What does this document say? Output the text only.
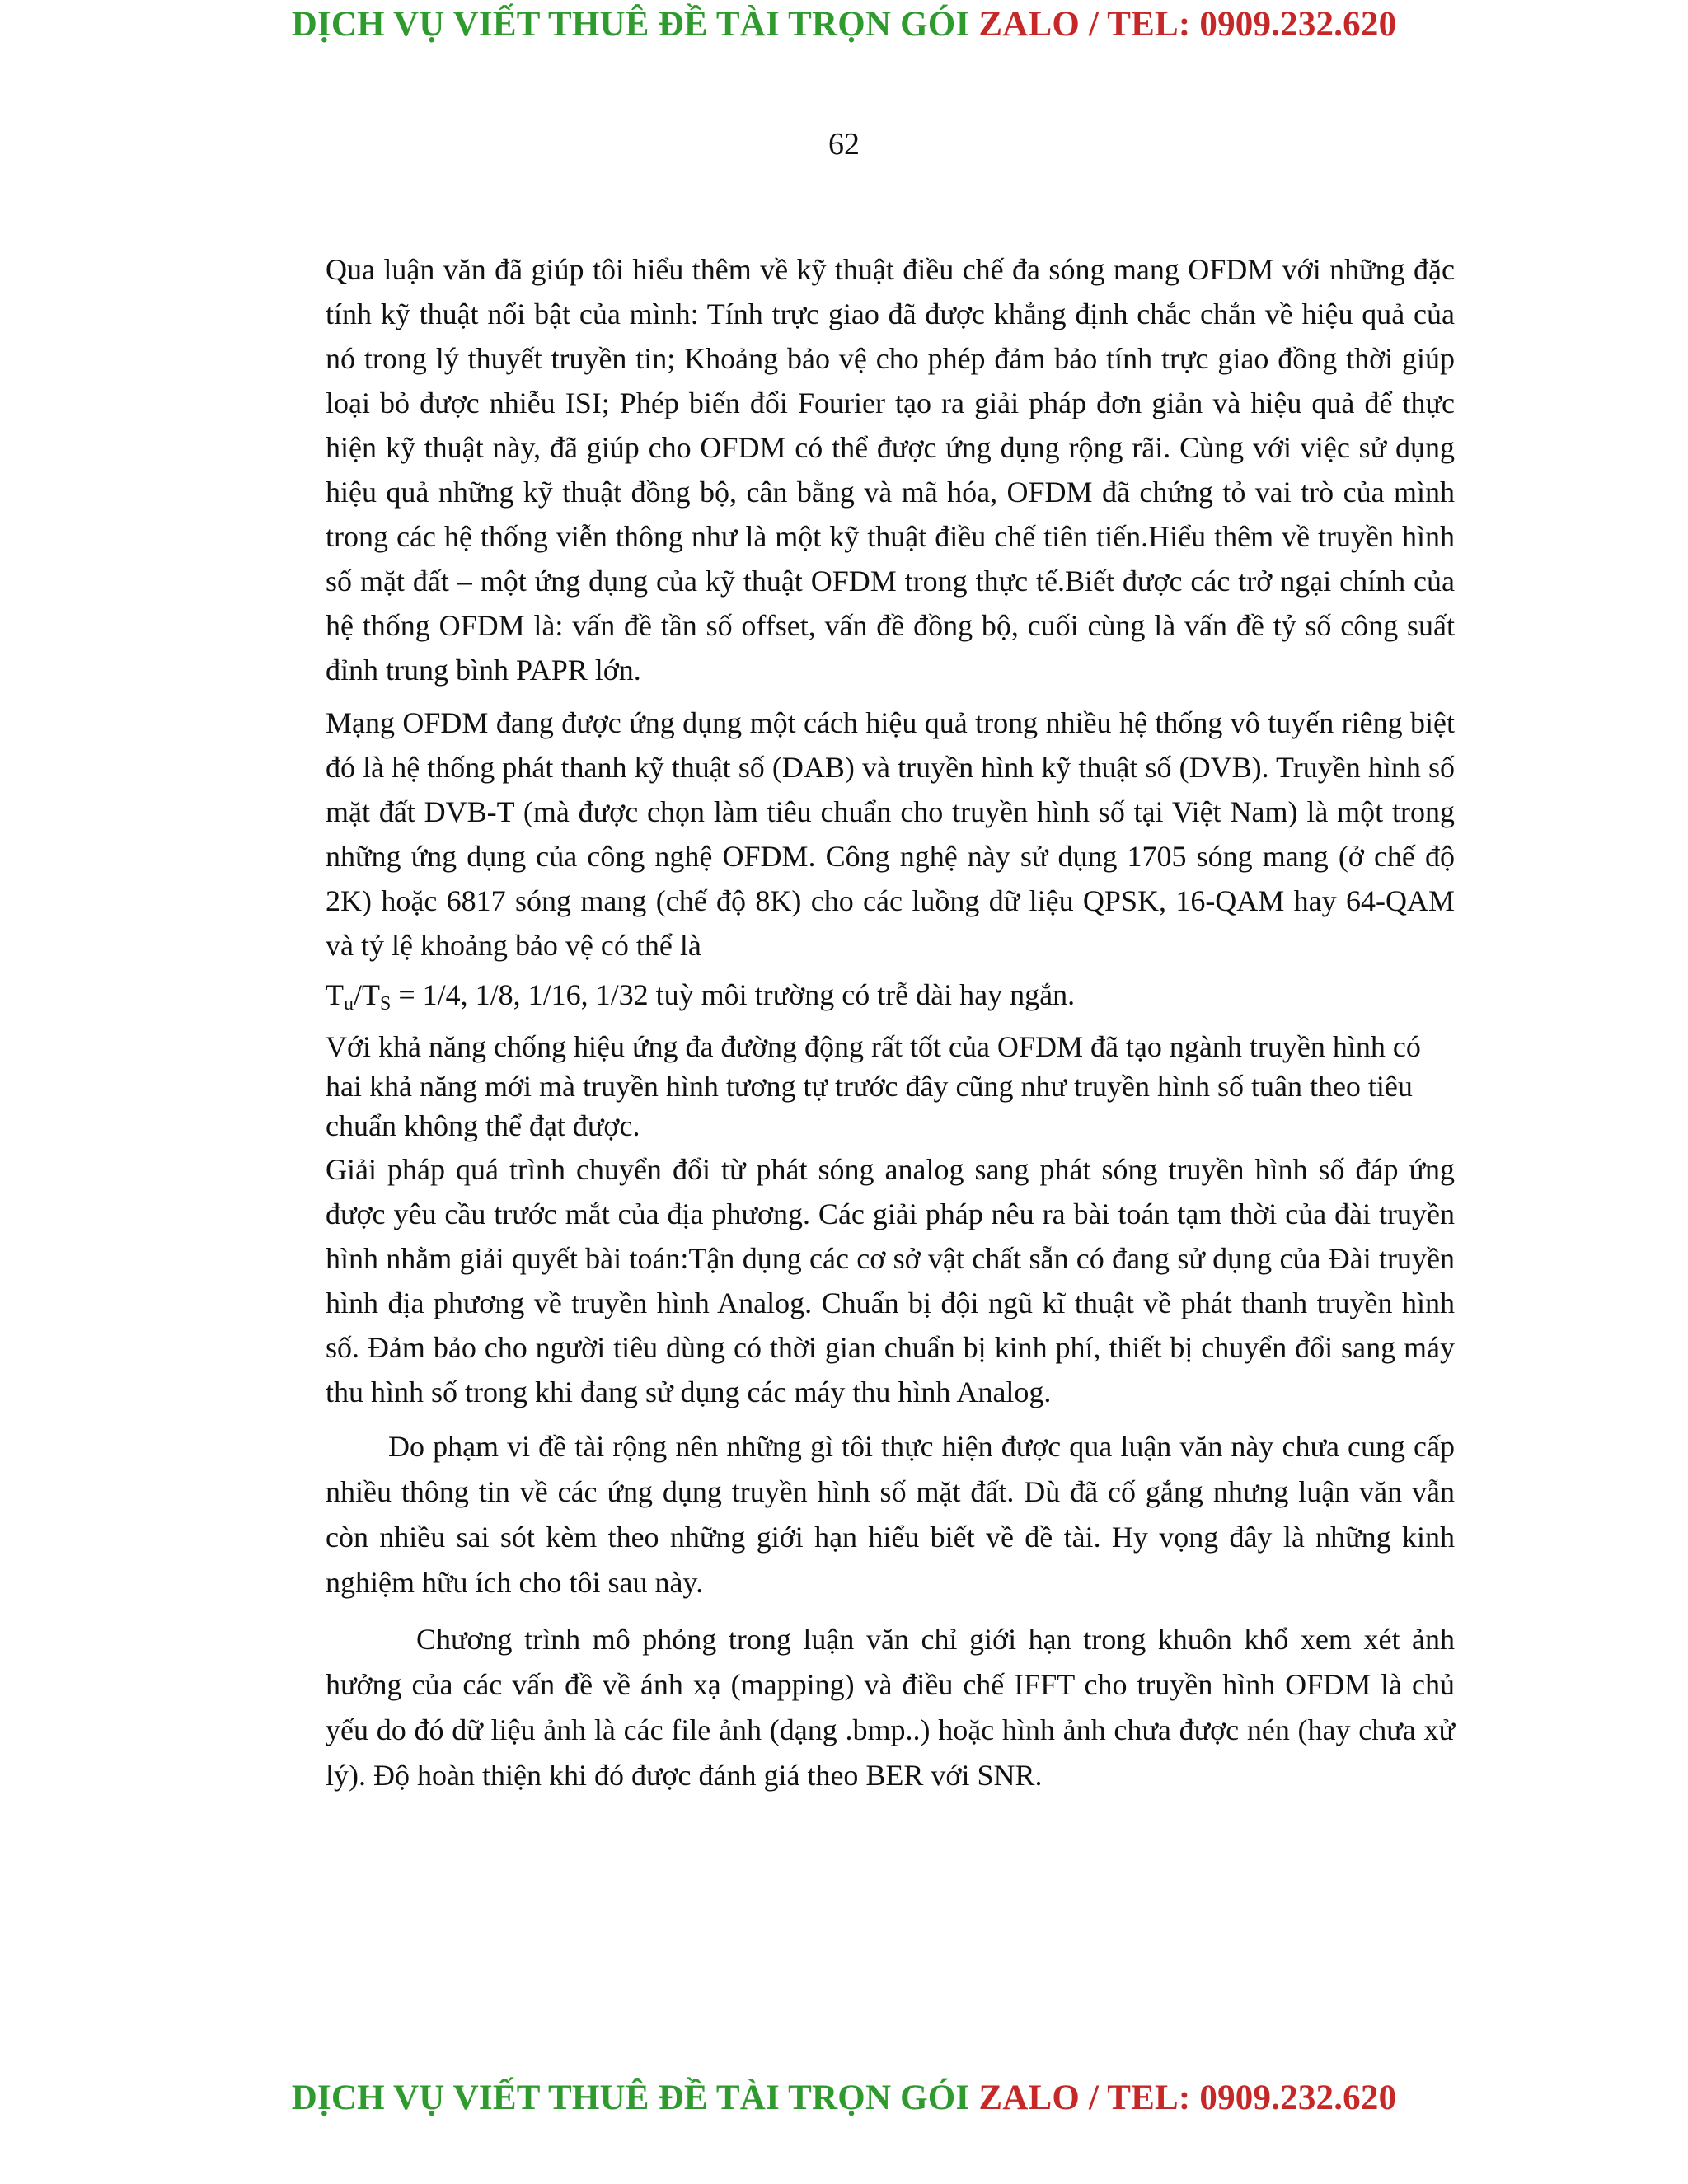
DỊCH VỤ VIẾT THUÊ ĐỀ TÀI TRỌN GÓI ZALO / TEL: 0909.232.620
62

Qua luận văn đã giúp tôi hiểu thêm về kỹ thuật điều chế đa sóng mang OFDM với những đặc tính kỹ thuật nổi bật của mình: Tính trực giao đã được khẳng định chắc chắn về hiệu quả của nó trong lý thuyết truyền tin; Khoảng bảo vệ cho phép đảm bảo tính trực giao đồng thời giúp loại bỏ được nhiễu ISI; Phép biến đổi Fourier tạo ra giải pháp đơn giản và hiệu quả để thực hiện kỹ thuật này, đã giúp cho OFDM có thể được ứng dụng rộng rãi. Cùng với việc sử dụng hiệu quả những kỹ thuật đồng bộ, cân bằng và mã hóa, OFDM đã chứng tỏ vai trò của mình trong các hệ thống viễn thông như là một kỹ thuật điều chế tiên tiến.Hiểu thêm về truyền hình số mặt đất – một ứng dụng của kỹ thuật OFDM trong thực tế.Biết được các trở ngại chính của hệ thống OFDM là: vấn đề tần số offset, vấn đề đồng bộ, cuối cùng là vấn đề tỷ số công suất đỉnh trung bình PAPR lớn.

Mạng OFDM đang được ứng dụng một cách hiệu quả trong nhiều hệ thống vô tuyến riêng biệt đó là hệ thống phát thanh kỹ thuật số (DAB) và truyền hình kỹ thuật số (DVB). Truyền hình số mặt đất DVB-T (mà được chọn làm tiêu chuẩn cho truyền hình số tại Việt Nam) là một trong những ứng dụng của công nghệ OFDM. Công nghệ này sử dụng 1705 sóng mang (ở chế độ 2K) hoặc 6817 sóng mang (chế độ 8K) cho các luồng dữ liệu QPSK, 16-QAM hay 64-QAM và tỷ lệ khoảng bảo vệ có thể là
$T_u/T_S = 1/4$, 1/8, 1/16, 1/32 tuỳ môi trường có trễ dài hay ngắn.

Với khả năng chống hiệu ứng đa đường động rất tốt của OFDM đã tạo ngành truyền hình có hai khả năng mới mà truyền hình tương tự trước đây cũng như truyền hình số tuân theo tiêu chuẩn không thể đạt được.

Giải pháp quá trình chuyển đổi từ phát sóng analog sang phát sóng truyền hình số đáp ứng được yêu cầu trước mắt của địa phương. Các giải pháp nêu ra bài toán tạm thời của đài truyền hình nhằm giải quyết bài toán:Tận dụng các cơ sở vật chất sẵn có đang sử dụng của Đài truyền hình địa phương về truyền hình Analog. Chuẩn bị đội ngũ kĩ thuật về phát thanh truyền hình số. Đảm bảo cho người tiêu dùng có thời gian chuẩn bị kinh phí, thiết bị chuyển đổi sang máy thu hình số trong khi đang sử dụng các máy thu hình Analog.

Do phạm vi đề tài rộng nên những gì tôi thực hiện được qua luận văn này chưa cung cấp nhiều thông tin về các ứng dụng truyền hình số mặt đất. Dù đã cố gắng nhưng luận văn vẫn còn nhiều sai sót kèm theo những giới hạn hiểu biết về đề tài. Hy vọng đây là những kinh nghiệm hữu ích cho tôi sau này.

Chương trình mô phỏng trong luận văn chỉ giới hạn trong khuôn khổ xem xét ảnh hưởng của các vấn đề về ánh xạ (mapping) và điều chế IFFT cho truyền hình OFDM là chủ yếu do đó dữ liệu ảnh là các file ảnh (dạng .bmp..) hoặc hình ảnh chưa được nén (hay chưa xử lý). Độ hoàn thiện khi đó được đánh giá theo BER với SNR.

DỊCH VỤ VIẾT THUÊ ĐỀ TÀI TRỌN GÓI ZALO / TEL: 0909.232.620
